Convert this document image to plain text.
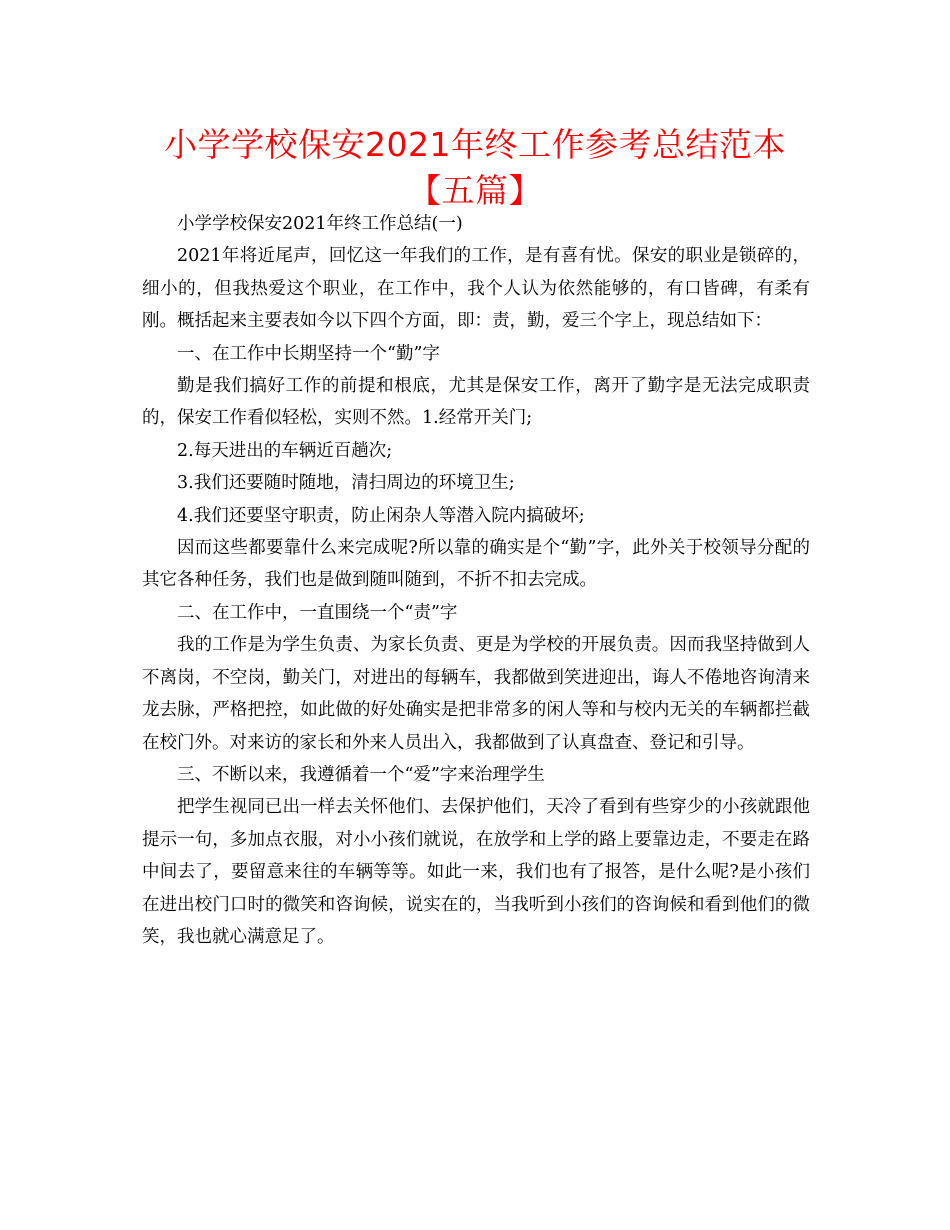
小学学校保安2021年终工作参考总结范本【五篇】

小学学校保安2021年终工作总结(一)

2021年将近尾声，回忆这一年我们的工作，是有喜有忧。保安的职业是锁碎的，细小的，但我热爱这个职业，在工作中，我个人认为依然能够的，有口皆碑，有柔有刚。概括起来主要表如今以下四个方面，即：责，勤，爱三个字上，现总结如下：

一、在工作中长期坚持一个“勤”字

勤是我们搞好工作的前提和根底，尤其是保安工作，离开了勤字是无法完成职责的，保安工作看似轻松，实则不然。1.经常开关门;

2.每天进出的车辆近百趟次;

3.我们还要随时随地，清扫周边的环境卫生;

4.我们还要坚守职责，防止闲杂人等潜入院内搞破坏;

因而这些都要靠什么来完成呢?所以靠的确实是个“勤”字，此外关于校领导分配的其它各种任务，我们也是做到随叫随到，不折不扣去完成。

二、在工作中，一直围绕一个“责”字

我的工作是为学生负责、为家长负责、更是为学校的开展负责。因而我坚持做到人不离岗，不空岗，勤关门，对进出的每辆车，我都做到笑进迎出，诲人不倦地咨询清来龙去脉，严格把控，如此做的好处确实是把非常多的闲人等和与校内无关的车辆都拦截在校门外。对来访的家长和外来人员出入，我都做到了认真盘查、登记和引导。

三、不断以来，我遵循着一个“爱”字来治理学生

把学生视同已出一样去关怀他们、去保护他们，天冷了看到有些穿少的小孩就跟他提示一句，多加点衣服，对小小孩们就说，在放学和上学的路上要靠边走，不要走在路中间去了，要留意来往的车辆等等。如此一来，我们也有了报答，是什么呢?是小孩们在进出校门口时的微笑和咨询候，说实在的，当我听到小孩们的咨询候和看到他们的微笑，我也就心满意足了。
